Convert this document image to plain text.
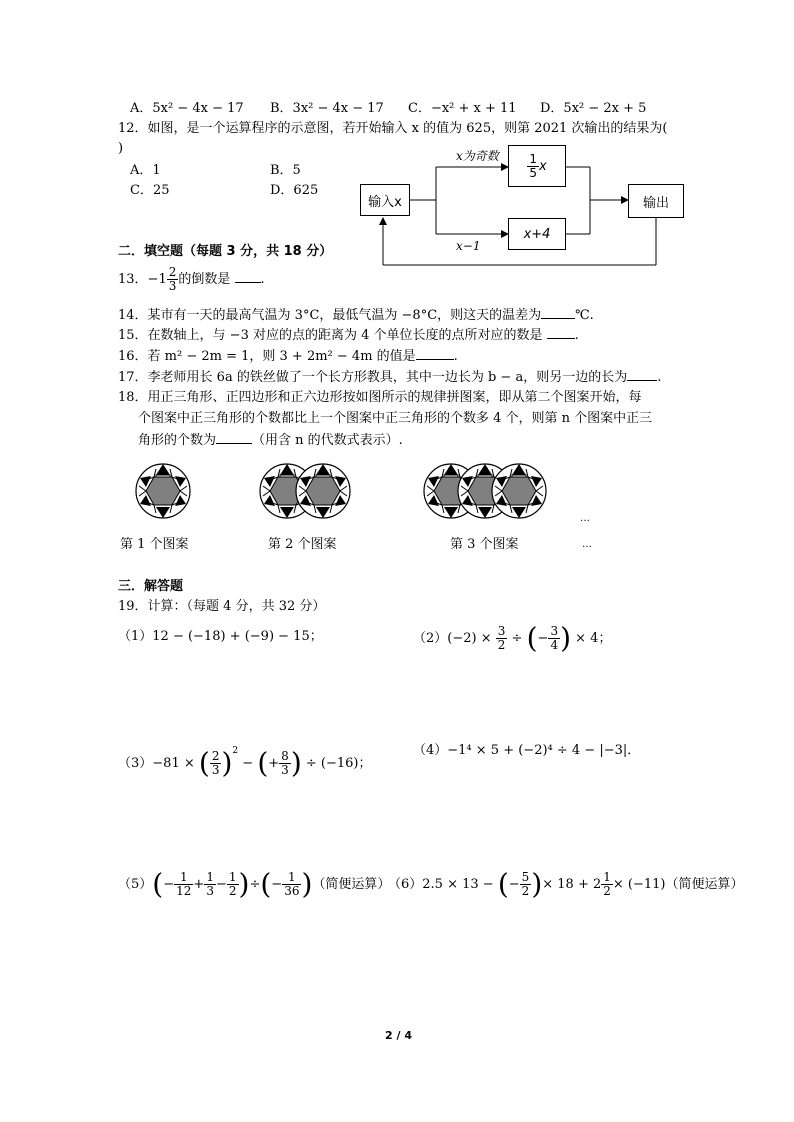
A．5x² − 4x − 17 B．3x² − 4x − 17 C．−x² + x + 11 D．5x² − 2x + 5
12．如图，是一个运算程序的示意图，若开始输入 x 的值为 625，则第 2021 次输出的结果为(
)
A．1	B．5
C．25	D．625
输入x
x为奇数 $\frac{1}{5}$ x
x−1
x+4
输出
二．填空题（每题 3 分，共 18 分）
13．$-1 \frac{2}{3}$ 的倒数是 .
14．某市有一天的最高气温为 3°C，最低气温为 −8°C，则这天的温差为	℃.
15．在数轴上，与 −3 对应的点的距离为 4 个单位长度的点所对应的数是 .
16．若 m² − 2m = 1，则 3 + 2m² − 4m 的值是	.
17．李老师用长 6a 的铁丝做了一个长方形教具，其中一边长为 b − a，则另一边的长为 .
18．用正三角形、正四边形和正六边形按如图所示的规律拼图案，即从第二个图案开始，每
个图案中正三角形的个数都比上一个图案中正三角形的个数多 4 个，则第 n 个图案中正三
角形的个数为	（用含 n 的代数式表示）.
…
第 1 个图案	第 2 个图案	第 3 个图案	…
三．解答题
19．计算：（每题 4 分，共 32 分）
（1）12 − (−18) + (−9) − 15；	$(2)(-2) \times \frac{3}{2}$ ÷ (− $\frac{3}{4}$ ) × 4；
（3）−81 × ( $\frac{2}{3} )^2$ − (+ $\frac{8}{3}$ ) ÷ (−16)；
（4）−1⁴ × 5 + (−2)⁴ ÷ 4 − |−3|．
$(5)(- \frac{1}{12} + \frac{1}{3} - \frac{1}{2}$ )÷(− $\frac{1}{36}$ )（简便运算）
（6）2.5 × 13 − (− $\frac{5}{2}$ )× $18 + 2 \frac{1}{2} \times (-11)$（简便运算）
2 / 4
